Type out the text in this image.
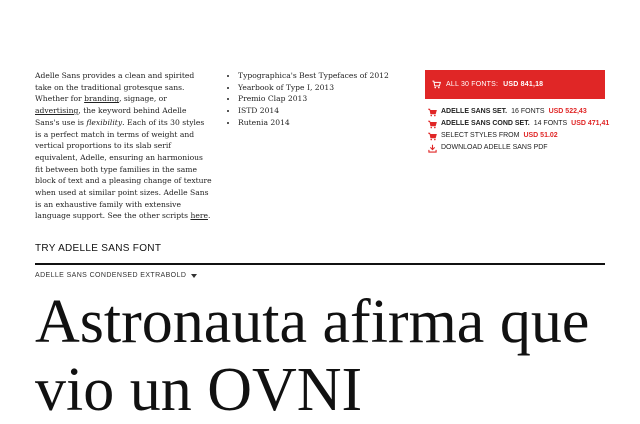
Adelle Sans provides a clean and spirited take on the traditional grotesque sans. Whether for branding, signage, or advertising, the keyword behind Adelle Sans's use is flexibility. Each of its 30 styles is a perfect match in terms of weight and vertical proportions to its slab serif equivalent, Adelle, ensuring an harmonious fit between both type families in the same block of text and a pleasing change of texture when used at similar point sizes. Adelle Sans is an exhaustive family with extensive language support. See the other scripts here.
• Typographica's Best Typefaces of 2012
• Yearbook of Type I, 2013
• Premio Clap 2013
• ISTD 2014
• Rutenia 2014
ALL 30 FONTS: USD 841,18
ADELLE SANS SET. 16 FONTS USD 522,43
ADELLE SANS COND SET. 14 FONTS USD 471,41
SELECT STYLES FROM USD 51.02
DOWNLOAD ADELLE SANS PDF
TRY ADELLE SANS FONT
ADELLE SANS CONDENSED EXTRABOLD
Astronauta afirma que vio un OVNI
